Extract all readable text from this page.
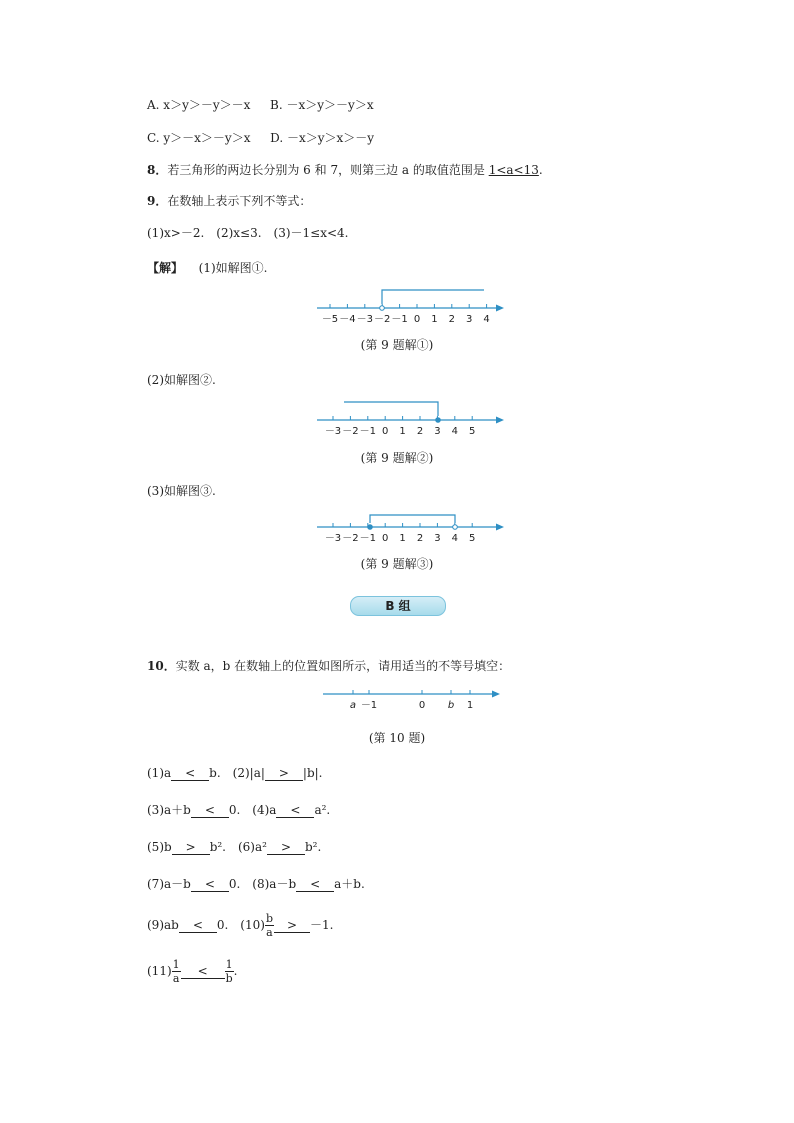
A. x＞y＞－y＞－x B. －x＞y＞－y＞x
C. y＞－x＞－y＞x D. －x＞y＞x＞－y
8．若三角形的两边长分别为 6 和 7，则第三边 a 的取值范围是 1<a<13.
9．在数轴上表示下列不等式：
(1)x>－2.　(2)x≤3.　(3)－1≤x<4.
【解】 (1)如解图①.
－5 －4 －3 －2 －1 0 1 2 3 4
(第 9 题解①)
(2)如解图②.
－3 －2 －1 0 1 2 3 4 5
(第 9 题解②)
(3)如解图③.
－3 －2 －1 0 1 2 3 4 5
(第 9 题解③)
B 组
10．实数 a，b 在数轴上的位置如图所示，请用适当的不等号填空：
a －1	0 b 1
(第 10 题)
(1)a < b.　(2)|a| > |b|.
(3)a＋b < 0.　(4)a < a².
(5)b > b².　(6)a² > b².
(7)a－b < 0.　(8)a－b < a＋b.
(9)ab < 0.　$(10) \frac{b}{a} > -1$.
$(11) \frac{1}{a} < \frac{1}{b}$ .
